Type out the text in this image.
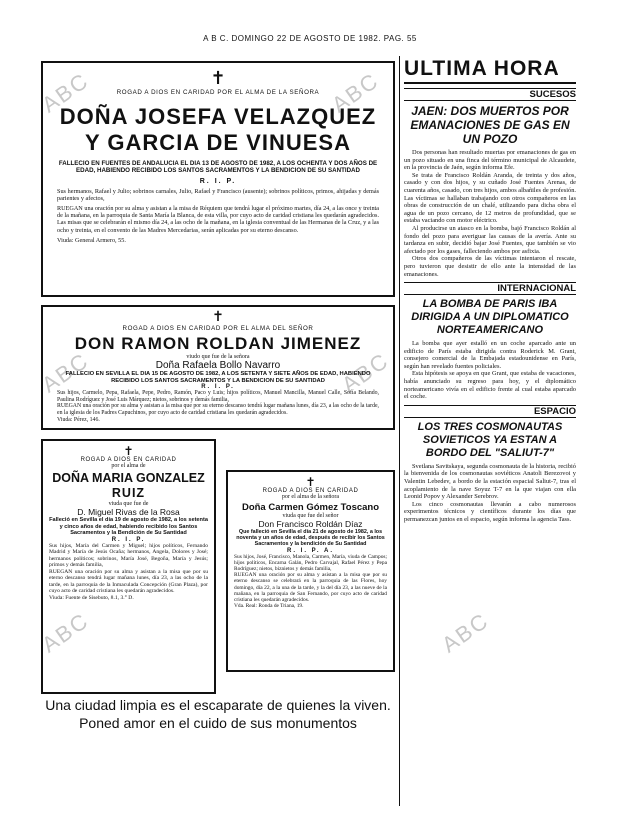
ABC	ABC
ABC	ABC
ABC	ABC
A B C. DOMINGO 22 DE AGOSTO DE 1982. PAG. 55
✝
ROGAD A DIOS EN CARIDAD POR EL ALMA DE LA SEÑORA
DOÑA JOSEFA VELAZQUEZ
Y GARCIA DE VINUESA
FALLECIO EN FUENTES DE ANDALUCIA EL DIA 13 DE AGOSTO DE 1982, A LOS OCHENTA Y DOS AÑOS DE EDAD, HABIENDO RECIBIDO LOS SANTOS SACRAMENTOS Y LA BENDICION DE SU SANTIDAD
R. I. P.
Sus hermanos, Rafael y Julio; sobrinos carnales, Julio, Rafael y Francisco (ausente); sobrinos políticos, primos, ahijadas y demás parientes y afectos,
RUEGAN una oración por su alma y asistan a la misa de Réquiem que tendrá lugar el próximo martes, día 24, a las once y treinta de la mañana, en la parroquia de Santa María la Blanca, de esta villa, por cuyo acto de caridad cristiana les quedarán agradecidos. Las misas que se celebrarán el mismo día 24, a las ocho de la mañana, en la iglesia conventual de las Hermanas de la Cruz, y a las ocho y treinta, en el convento de las Madres Mercedarias, serán aplicadas por su eterno descanso.
Viuda: General Armero, 55.
✝
ROGAD A DIOS EN CARIDAD POR EL ALMA DEL SEÑOR
DON RAMON ROLDAN JIMENEZ
viudo que fue de la señora
Doña Rafaela Bollo Navarro
FALLECIO EN SEVILLA EL DIA 15 DE AGOSTO DE 1982, A LOS SETENTA Y SIETE AÑOS DE EDAD, HABIENDO RECIBIDO LOS SANTOS SACRAMENTOS Y LA BENDICION DE SU SANTIDAD
R. I. P.
Sus hijos, Carmelo, Pepa, Rafaela, Pepe, Pedro, Ramón, Paco y Luis; hijos políticos, Manuel Mancilla, Manuel Calle, Sofía Belando, Paulina Rodríguez y José Luis Márquez; nietos, sobrinos y demás familia,
RUEGAN una oración por su alma y asistan a la misa que por su eterno descanso tendrá lugar mañana lunes, día 23, a las ocho de la tarde, en la iglesia de los Padres Capuchinos, por cuyo acto de caridad cristiana les quedarán agradecidos.
Viuda: Pérez, 146.
✝
ROGAD A DIOS EN CARIDAD
por el alma de
DOÑA MARIA GONZALEZ
RUIZ
viuda que fue de
D. Miguel Rivas de la Rosa
Falleció en Sevilla el día 19 de agosto de 1982, a los setenta y cinco años de edad, habiendo recibido los Santos Sacramentos y la Bendición de Su Santidad
R. I. P.
Sus hijos, María del Carmen y Miguel; hijos políticos, Fernando Madrid y María de Jesús Ocaña; hermanos, Angela, Dolores y José; hermanos políticos; sobrinos, María José, Begoña, María y Jesús; primos y demás familia,
RUEGAN una oración por su alma y asistan a la misa que por su eterno descanso tendrá lugar mañana lunes, día 23, a las ocho de la tarde, en la parroquia de la Inmaculada Concepción (Gran Plaza), por cuyo acto de caridad cristiana les quedarán agradecidos.
Viuda: Fuente de Sisebuto, 8.1, 3.° D.
✝
ROGAD A DIOS EN CARIDAD
por el alma de la señora
Doña Carmen Gómez Toscano
viuda que fue del señor
Don Francisco Roldán Díaz
Que falleció en Sevilla el día 21 de agosto de 1982, a los noventa y un años de edad, después de recibir los Santos Sacramentos y la bendición de Su Santidad
R. I. P. A.
Sus hijos, José, Francisco, Manola, Carmen, María, viuda de Campos; hijos políticos, Encarna Galán, Pedro Carvajal, Rafael Pérez y Pepa Rodríguez; nietos, biznietos y demás familia,
RUEGAN una oración por su alma y asistan a la misa que por su eterno descanso se celebrará en la parroquia de las Flores, hoy domingo, día 22, a la una de la tarde, y la del día 23, a las nueve de la mañana, en la parroquia de San Fernando, por cuyo acto de caridad cristiana les quedarán agradecidos.
Vda. Real: Ronda de Triana, 19.
Una ciudad limpia es el escaparate de quienes la viven. Poned amor en el cuido de sus monumentos
ULTIMA HORA
SUCESOS
JAEN: DOS MUERTOS POR EMANACIONES DE GAS EN UN POZO
Dos personas han resultado muertas por emanaciones de gas en un pozo situado en una finca del término municipal de Alcaudete, en la provincia de Jaén, según informa Efe.
Se trata de Francisco Roldán Aranda, de treinta y dos años, casado y con dos hijos, y su cuñado José Fuentes Arenas, de cuarenta años, casado, con tres hijos, ambos albañiles de profesión. Las víctimas se hallaban trabajando con otros compañeros en las obras de construcción de un chalé, utilizando para dicha obra el agua de un pozo cercano, de 12 metros de profundidad, que se estaba vaciando con motor eléctrico.
Al producirse un atasco en la bomba, bajó Francisco Roldán al fondo del pozo para averiguar las causas de la avería. Ante su tardanza en subir, decidió bajar José Fuentes, que también se vio afectado por los gases, falleciendo ambos por asfixia.
Otros dos compañeros de las víctimas intentaron el rescate, pero tuvieron que desistir de ello ante la intensidad de las emanaciones.
INTERNACIONAL
LA BOMBA DE PARIS IBA DIRIGIDA A UN DIPLOMATICO NORTEAMERICANO
La bomba que ayer estalló en un coche aparcado ante un edificio de París estaba dirigida contra Roderick M. Grant, consejero comercial de la Embajada estadounidense en París, según han revelado fuentes policiales.
Esta hipótesis se apoya en que Grant, que estaba de vacaciones, había anunciado su regreso para hoy, y el diplomático norteamericano vivía en el edificio frente al cual estaba aparcado el coche.
ESPACIO
LOS TRES COSMONAUTAS SOVIETICOS YA ESTAN A BORDO DEL "SALIUT-7"
Svetlana Savitskaya, segunda cosmonauta de la historia, recibió la bienvenida de los cosmonautas soviéticos Anatoli Berezovoi y Valentin Lebedev, a bordo de la estación espacial Saliut-7, tras el acoplamiento de la nave Soyuz T-7 en la que viajan con ella Leonid Popov y Alexander Serebrov.
Los cinco cosmonautas llevarán a cabo numerosos experimentos técnicos y científicos durante los días que permanezcan juntos en el espacio, según informa la agencia Tass.
